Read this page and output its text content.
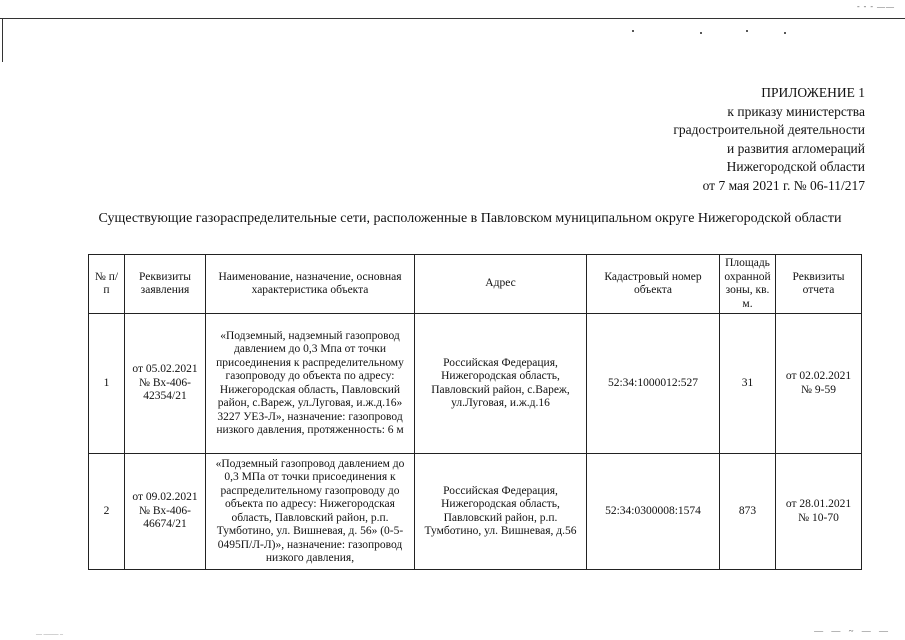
- - - ——
— — ~ — —
–– ––––– –
ПРИЛОЖЕНИЕ 1
к приказу министерства
градостроительной деятельности
и развития агломераций
Нижегородской области
от 7 мая 2021 г. № 06-11/217
Существующие газораспределительные сети, расположенные в Павловском муниципальном округе Нижегородской области
№ п/п	Реквизиты заявления	Наименование, назначение, основная характеристика объекта	Адрес	Кадастровый номер объекта	Площадь охранной зоны, кв. м.	Реквизиты отчета
1	от 05.02.2021 № Вх-406-42354/21	«Подземный, надземный газопровод давлением до 0,3 Мпа от точки присоединения к распределительному газопроводу до объекта по адресу: Нижегородская область, Павловский район, с.Вареж, ул.Луговая, и.ж.д.16» 3227 УЕЗ-Л», назначение: газопровод низкого давления, протяженность: 6 м	Российская Федерация, Нижегородская область, Павловский район, с.Вареж, ул.Луговая, и.ж.д.16	52:34:1000012:527	31	от 02.02.2021 № 9-59
2	от 09.02.2021 № Вх-406-46674/21	«Подземный газопровод давлением до 0,3 МПа от точки присоединения к распределительному газопроводу до объекта по адресу: Нижегородская область, Павловский район, р.п. Тумботино, ул. Вишневая, д. 56» (0-5-0495П/Л-Л)», назначение: газопровод низкого давления,	Российская Федерация, Нижегородская область, Павловский район, р.п. Тумботино, ул. Вишневая, д.56	52:34:0300008:1574	873	от 28.01.2021 № 10-70
